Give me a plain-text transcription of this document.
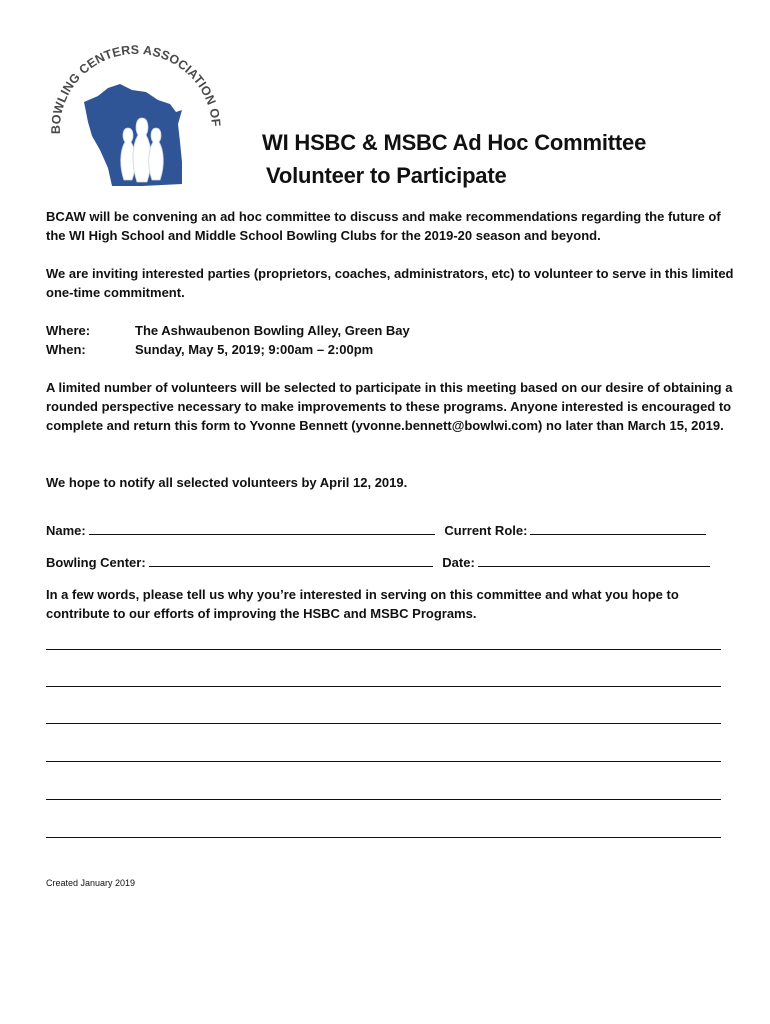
BOWLING CENTERS ASSOCIATION OF
WI HSBC & MSBC Ad Hoc Committee
Volunteer to Participate
BCAW will be convening an ad hoc committee to discuss and make recommendations regarding the future of the WI High School and Middle School Bowling Clubs for the 2019-20 season and beyond.
We are inviting interested parties (proprietors, coaches, administrators, etc) to volunteer to serve in this limited one-time commitment.
Where:	The Ashwaubenon Bowling Alley, Green Bay
When:	Sunday, May 5, 2019; 9:00am – 2:00pm
A limited number of volunteers will be selected to participate in this meeting based on our desire of obtaining a rounded perspective necessary to make improvements to these programs. Anyone interested is encouraged to complete and return this form to Yvonne Bennett (yvonne.bennett@bowlwi.com) no later than March 15, 2019.
We hope to notify all selected volunteers by April 12, 2019.
Name:	Current Role:
Bowling Center:	Date:
In a few words, please tell us why you’re interested in serving on this committee and what you hope to contribute to our efforts of improving the HSBC and MSBC Programs.
Created January 2019
